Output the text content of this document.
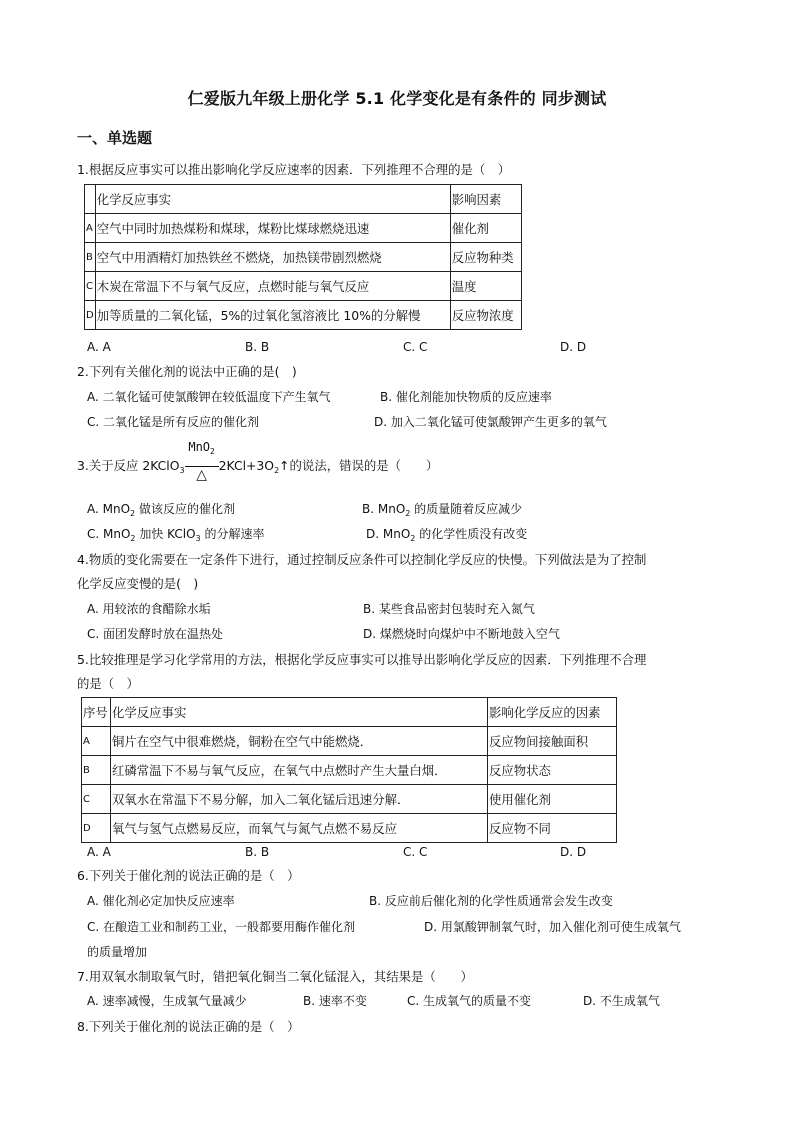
仁爱版九年级上册化学 5.1 化学变化是有条件的 同步测试
一、单选题
1.根据反应事实可以推出影响化学反应速率的因素．下列推理不合理的是（　）
	化学反应事实	影响因素
A	空气中同时加热煤粉和煤球，煤粉比煤球燃烧迅速	催化剂
B	空气中用酒精灯加热铁丝不燃烧，加热镁带剧烈燃烧	反应物种类
C	木炭在常温下不与氧气反应，点燃时能与氧气反应	温度
D	加等质量的二氧化锰，5%的过氧化氢溶液比 10%的分解慢	反应物浓度
A. A	B. B	C. C	D. D
2.下列有关催化剂的说法中正确的是(　)
A. 二氧化锰可使氯酸钾在较低温度下产生氧气	B. 催化剂能加快物质的反应速率
C. 二氧化锰是所有反应的催化剂	D. 加入二氧化锰可使氯酸钾产生更多的氧气
3.关于反应 2KClO$_3$
MnO$_2$
△
$2KCl+3O_2↑$的说法，错误的是（　　）
A. MnO$_2$ 做该反应的催化剂	B. MnO$_2$ 的质量随着反应减少
C. MnO$_2$ 加快 KClO$_3$ 的分解速率	D. MnO$_2$ 的化学性质没有改变
4.物质的变化需要在一定条件下进行，通过控制反应条件可以控制化学反应的快慢。下列做法是为了控制
化学反应变慢的是(　)
A. 用较浓的食醋除水垢	B. 某些食品密封包装时充入氮气
C. 面团发酵时放在温热处	D. 煤燃烧时向煤炉中不断地鼓入空气
5.比较推理是学习化学常用的方法，根据化学反应事实可以推导出影响化学反应的因素．下列推理不合理
的是（　）
序号	化学反应事实	影响化学反应的因素
A	铜片在空气中很难燃烧，铜粉在空气中能燃烧．	反应物间接触面积
B	红磷常温下不易与氧气反应，在氧气中点燃时产生大量白烟．	反应物状态
C	双氧水在常温下不易分解，加入二氧化锰后迅速分解．	使用催化剂
D	氧气与氢气点燃易反应，而氧气与氮气点燃不易反应	反应物不同
A. A	B. B	C. C	D. D
6.下列关于催化剂的说法正确的是（　）
A. 催化剂必定加快反应速率	B. 反应前后催化剂的化学性质通常会发生改变
C. 在酿造工业和制药工业，一般都要用酶作催化剂	D. 用氯酸钾制氧气时，加入催化剂可使生成氧气
的质量增加
7.用双氧水制取氧气时，错把氧化铜当二氧化锰混入，其结果是（　　）
A. 速率减慢，生成氧气量减少	B. 速率不变	C. 生成氧气的质量不变	D. 不生成氧气
8.下列关于催化剂的说法正确的是（　）
